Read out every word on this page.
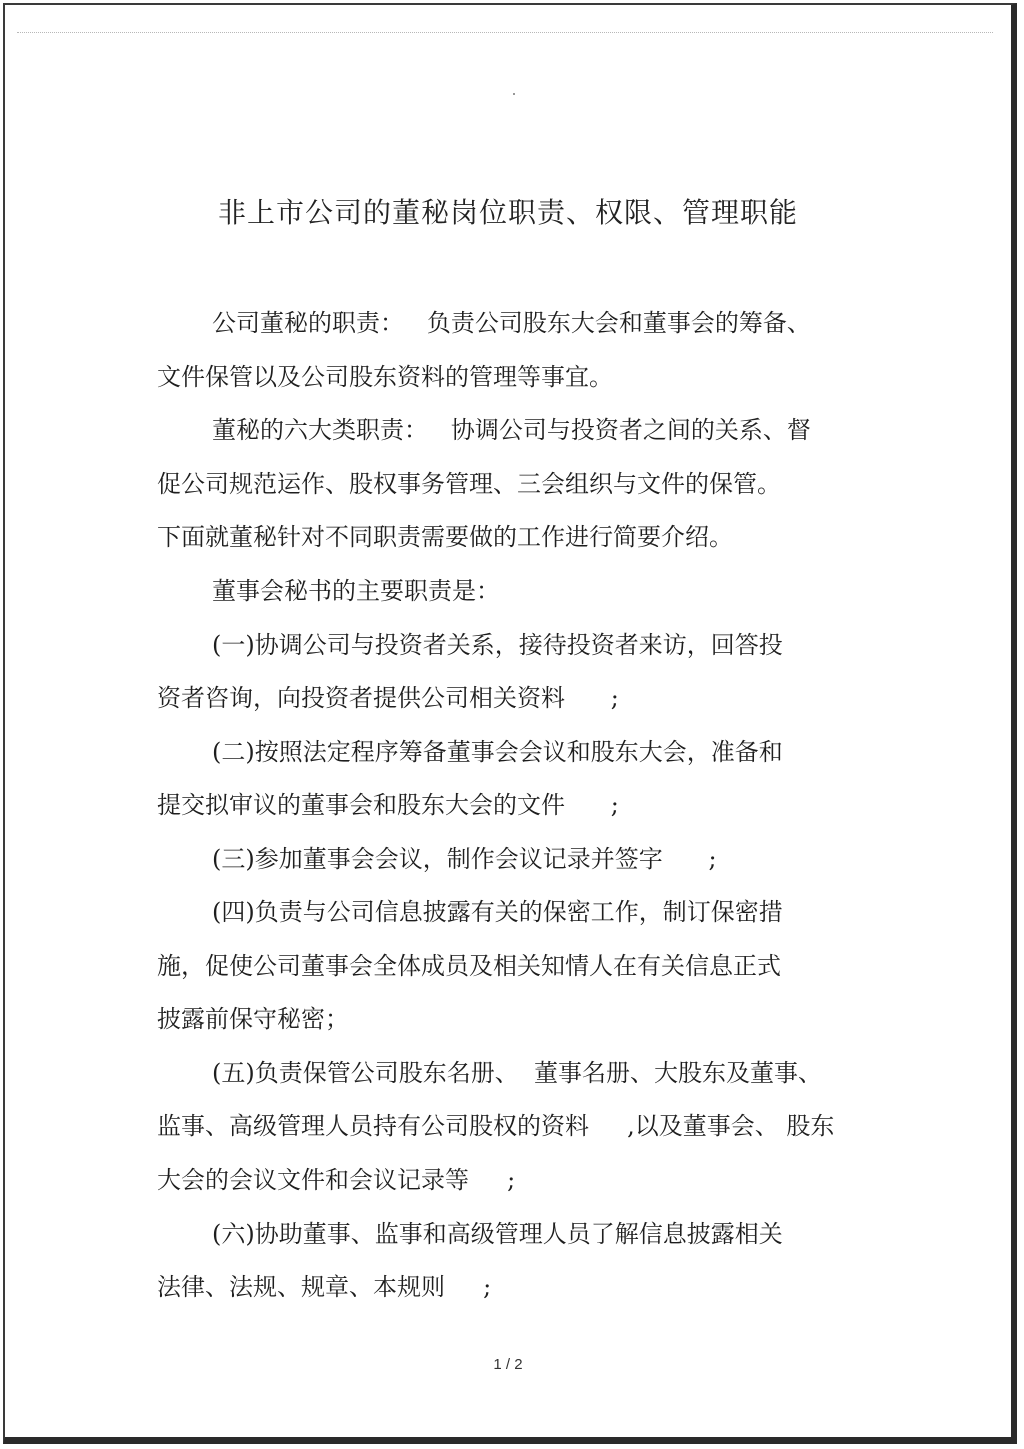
非上市公司的董秘岗位职责、权限、管理职能
公司董秘的职责：   负责公司股东大会和董事会的筹备、
文件保管以及公司股东资料的管理等事宜。
董秘的六大类职责：   协调公司与投资者之间的关系、督
促公司规范运作、股权事务管理、三会组织与文件的保管。
下面就董秘针对不同职责需要做的工作进行简要介绍。
董事会秘书的主要职责是：
(一)协调公司与投资者关系，接待投资者来访，回答投
资者咨询，向投资者提供公司相关资料      ;
(二)按照法定程序筹备董事会会议和股东大会，准备和
提交拟审议的董事会和股东大会的文件      ;
(三)参加董事会会议，制作会议记录并签字      ;
(四)负责与公司信息披露有关的保密工作，制订保密措
施，促使公司董事会全体成员及相关知情人在有关信息正式
披露前保守秘密；
(五)负责保管公司股东名册、  董事名册、大股东及董事、
监事、高级管理人员持有公司股权的资料     ,以及董事会、 股东
大会的会议文件和会议记录等     ;
(六)协助董事、监事和高级管理人员了解信息披露相关
法律、法规、规章、本规则     ;
1 / 2
